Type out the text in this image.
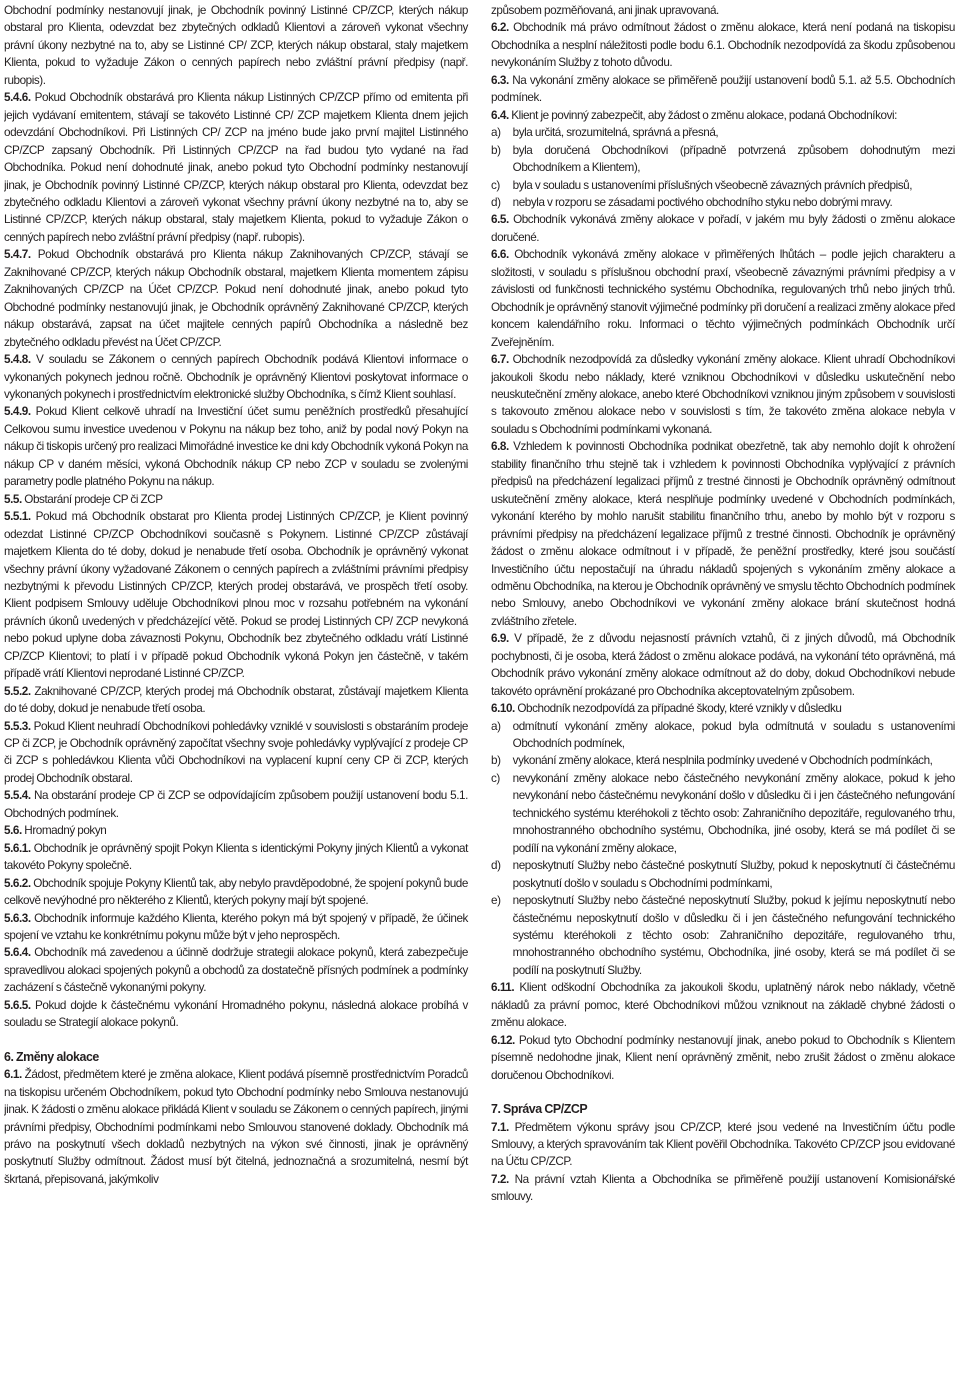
Obchodní podmínky nestanovují jinak, je Obchodník povinný Listinné CP/ZCP, kterých nákup obstaral pro Klienta, odevzdat bez zbytečných odkladů Klientovi a zároveň vykonat všechny právní úkony nezbytné na to, aby se Listinné CP/ ZCP, kterých nákup obstaral, staly majetkem Klienta, pokud to vyžaduje Zákon o cenných papírech nebo zvláštní právní předpisy (např. rubopis).

5.4.6. Pokud Obchodník obstarává pro Klienta nákup Listinných CP/ZCP přímo od emitenta při jejich vydávaní emitentem, stávají se takovéto Listinné CP/ ZCP majetkem Klienta dnem jejich odevzdání Obchodníkovi. Při Listinných CP/ ZCP na jméno bude jako první majitel Listinného CP/ZCP zapsaný Obchodník. Při Listinných CP/ZCP na řad budou tyto vydané na řad Obchodníka. Pokud není dohodnuté jinak, anebo pokud tyto Obchodní podmínky nestanovují jinak, je Obchodník povinný Listinné CP/ZCP, kterých nákup obstaral pro Klienta, odevzdat bez zbytečného odkladu Klientovi a zároveň vykonat všechny právní úkony nezbytné na to, aby se Listinné CP/ZCP, kterých nákup obstaral, staly majetkem Klienta, pokud to vyžaduje Zákon o cenných papírech nebo zvláštní právní předpisy (např. rubopis).

5.4.7. Pokud Obchodník obstarává pro Klienta nákup Zaknihovaných CP/ZCP, stávají se Zaknihované CP/ZCP, kterých nákup Obchodník obstaral, majetkem Klienta momentem zápisu Zaknihovaných CP/ZCP na Účet CP/ZCP. Pokud není dohodnuté jinak, anebo pokud tyto Obchodné podmínky nestanovujú jinak, je Obchodník oprávněný Zaknihované CP/ZCP, kterých nákup obstarává, zapsat na účet majitele cenných papírů Obchodníka a následně bez zbytečného odkladu převést na Účet CP/ZCP.

5.4.8. V souladu se Zákonem o cenných papírech Obchodník podává Klientovi informace o vykonaných pokynech jednou ročně. Obchodník je oprávněný Klientovi poskytovat informace o vykonaných pokynech i prostřednictvím elektronické služby Obchodníka, s čímž Klient souhlasí.

5.4.9. Pokud Klient celkově uhradí na Investiční účet sumu peněžních prostředků přesahující Celkovou sumu investice uvedenou v Pokynu na nákup bez toho, aniž by podal nový Pokyn na nákup či tiskopis určený pro realizaci Mimořádné investice ke dni kdy Obchodník vykoná Pokyn na nákup CP v daném měsíci, vykoná Obchodník nákup CP nebo ZCP v souladu se zvolenými parametry podle platného Pokynu na nákup.

5.5. Obstarání prodeje CP či ZCP

5.5.1. Pokud má Obchodník obstarat pro Klienta prodej Listinných CP/ZCP, je Klient povinný odezdat Listinné CP/ZCP Obchodníkovi současně s Pokynem. Listinné CP/ZCP zůstávají majetkem Klienta do té doby, dokud je nenabude třetí osoba. Obchodník je oprávněný vykonat všechny právní úkony vyžadované Zákonem o cenných papírech a zvláštními právními předpisy nezbytnými k převodu Listinných CP/ZCP, kterých prodej obstarává, ve prospěch třetí osoby. Klient podpisem Smlouvy uděluje Obchodníkovi plnou moc v rozsahu potřebném na vykonání právních úkonů uvedených v předcházející větě. Pokud se prodej Listinných CP/ ZCP nevykoná nebo pokud uplyne doba závaznosti Pokynu, Obchodník bez zbytečného odkladu vrátí Listinné CP/ZCP Klientovi; to platí i v případě pokud Obchodník vykoná Pokyn jen částečně, v takém případě vrátí Klientovi neprodané Listinné CP/ZCP.

5.5.2. Zaknihované CP/ZCP, kterých prodej má Obchodník obstarat, zůstávají majetkem Klienta do té doby, dokud je nenabude třetí osoba.

5.5.3. Pokud Klient neuhradí Obchodníkovi pohledávky vzniklé v souvislosti s obstaráním prodeje CP či ZCP, je Obchodník oprávněný započítat všechny svoje pohledávky vyplývající z prodeje CP či ZCP s pohledávkou Klienta vůči Obchodníkovi na vyplacení kupní ceny CP či ZCP, kterých prodej Obchodník obstaral.

5.5.4. Na obstarání prodeje CP či ZCP se odpovídajícím způsobem použijí ustanovení bodu 5.1. Obchodných podmínek.

5.6. Hromadný pokyn

5.6.1. Obchodník je oprávněný spojit Pokyn Klienta s identickými Pokyny jiných Klientů a vykonat takovéto Pokyny společně.

5.6.2. Obchodník spojuje Pokyny Klientů tak, aby nebylo pravděpodobné, že spojení pokynů bude celkově nevýhodné pro některého z Klientů, kterých pokyny mají být spojené.

5.6.3. Obchodník informuje každého Klienta, kterého pokyn má být spojený v případě, že účinek spojení ve vztahu ke konkrétnímu pokynu může být v jeho neprospěch.

5.6.4. Obchodník má zavedenou a účinně dodržuje strategii alokace pokynů, která zabezpečuje spravedlivou alokaci spojených pokynů a obchodů za dostatečně přísných podmínek a podmínky zacházení s částečně vykonanými pokyny.

5.6.5. Pokud dojde k částečnému vykonání Hromadného pokynu, následná alokace probíhá v souladu se Strategií alokace pokynů.

6. Změny alokace

6.1. Žádost, předmětem které je změna alokace, Klient podává písemně prostřednictvím Poradců na tiskopisu určeném Obchodníkem, pokud tyto Obchodní podmínky nebo Smlouva nestanovujú jinak. K žádosti o změnu alokace přikládá Klient v souladu se Zákonem o cenných papírech, jinými právními předpisy, Obchodními podmínkami nebo Smlouvou stanovené doklady. Obchodník má právo na poskytnutí všech dokladů nezbytných na výkon své činnosti, jinak je oprávněný poskytnutí Služby odmítnout. Žádost musí být čitelná, jednoznačná a srozumitelná, nesmí být škrtaná, přepisovaná, jakýmkoliv

způsobem pozměňovaná, ani jinak upravovaná.

6.2. Obchodník má právo odmítnout žádost o změnu alokace, která není podaná na tiskopisu Obchodníka a nesplní náležitosti podle bodu 6.1. Obchodník nezodpovídá za škodu způsobenou nevykonáním Služby z tohoto důvodu.

6.3. Na vykonání změny alokace se přiměřeně použijí ustanovení bodů 5.1. až 5.5. Obchodních podmínek.

6.4. Klient je povinný zabezpečit, aby žádost o změnu alokace, podaná Obchodníkovi:

a)	byla určitá, srozumitelná, správná a přesná,
b)	byla doručená Obchodníkovi (případně potvrzená způsobem dohodnutým mezi Obchodníkem a Klientem),
c)	byla v souladu s ustanoveními příslušných všeobecně závazných právních předpisů,
d)	nebyla v rozporu se zásadami poctivého obchodního styku nebo dobrými mravy.

6.5. Obchodník vykonává změny alokace v pořadí, v jakém mu byly žádosti o změnu alokace doručené.

6.6. Obchodník vykonává změny alokace v přiměřených lhůtách – podle jejich charakteru a složitosti, v souladu s příslušnou obchodní praxí, všeobecně závaznými právními předpisy a v závislosti od funkčnosti technického systému Obchodníka, regulovaných trhů nebo jiných trhů. Obchodník je oprávněný stanovit výjimečné podmínky při doručení a realizaci změny alokace před koncem kalendářního roku. Informaci o těchto výjimečných podmínkách Obchodník určí Zveřejněním.

6.7. Obchodník nezodpovídá za důsledky vykonání změny alokace. Klient uhradí Obchodníkovi jakoukoli škodu nebo náklady, které vzniknou Obchodníkovi v důsledku uskutečnění nebo neuskutečnění změny alokace, anebo které Obchodníkovi vzniknou jiným způsobem v souvislosti s takovouto změnou alokace nebo v souvislosti s tím, že takovéto změna alokace nebyla v souladu s Obchodními podmínkami vykonaná.

6.8. Vzhledem k povinnosti Obchodníka podnikat obezřetně, tak aby nemohlo dojít k ohrožení stability finančního trhu stejně tak i vzhledem k povinnosti Obchodníka vyplývající z právních předpisů na předcházení legalizaci příjmů z trestné činnosti je Obchodník oprávněný odmítnout uskutečnění změny alokace, která nesplňuje podmínky uvedené v Obchodních podmínkách, vykonání kterého by mohlo narušit stabilitu finančního trhu, anebo by mohlo být v rozporu s právními předpisy na předcházení legalizace příjmů z trestné činnosti. Obchodník je oprávněný žádost o změnu alokace odmítnout i v případě, že peněžní prostředky, které jsou součástí Investičního účtu nepostačují na úhradu nákladů spojených s vykonáním změny alokace a odměnu Obchodníka, na kterou je Obchodník oprávněný ve smyslu těchto Obchodních podmínek nebo Smlouvy, anebo Obchodníkovi ve vykonání změny alokace brání skutečnost hodná zvláštního zřetele.

6.9. V případě, že z důvodu nejasností právních vztahů, či z jiných důvodů, má Obchodník pochybnosti, či je osoba, která žádost o změnu alokace podává, na vykonání této oprávněná, má Obchodník právo vykonání změny alokace odmítnout až do doby, dokud Obchodníkovi nebude takovéto oprávnění prokázané pro Obchodníka akceptovatelným způsobem.

6.10. Obchodník nezodpovídá za případné škody, které vznikly v důsledku

a)	odmítnutí vykonání změny alokace, pokud byla odmítnutá v souladu s ustanoveními Obchodních podmínek,
b)	vykonání změny alokace, která nesplnila podmínky uvedené v Obchodních podmínkách,
c)	nevykonání změny alokace nebo částečného nevykonání změny alokace, pokud k jeho nevykonání nebo částečnému nevykonání došlo v důsledku či i jen částečného nefungování technického systému kteréhokoli z těchto osob: Zahraničního depozitáře, regulovaného trhu, mnohostranného obchodního systému, Obchodníka, jiné osoby, která se má podílet či se podílí na vykonání změny alokace,
d)	neposkytnutí Služby nebo částečné poskytnutí Služby, pokud k neposkytnutí či částečnému poskytnutí došlo v souladu s Obchodními podmínkami,
e)	neposkytnutí Služby nebo částečné neposkytnutí Služby, pokud k jejímu neposkytnutí nebo částečnému neposkytnutí došlo v důsledku či i jen částečného nefungování technického systému kteréhokoli z těchto osob: Zahraničního depozitáře, regulovaného trhu, mnohostranného obchodního systému, Obchodníka, jiné osoby, která se má podílet či se podílí na poskytnutí Služby.

6.11. Klient odškodní Obchodníka za jakoukoli škodu, uplatněný nárok nebo náklady, včetně nákladů za právní pomoc, které Obchodníkovi můžou vzniknout na základě chybné žádosti o změnu alokace.

6.12. Pokud tyto Obchodní podmínky nestanovují jinak, anebo pokud to Obchodník s Klientem písemně nedohodne jinak, Klient není oprávněný změnit, nebo zrušit žádost o změnu alokace doručenou Obchodníkovi.

7. Správa CP/ZCP

7.1. Předmětem výkonu správy jsou CP/ZCP, které jsou vedené na Investičním účtu podle Smlouvy, a kterých spravováním tak Klient pověřil Obchodníka. Takovéto CP/ZCP jsou evidované na Účtu CP/ZCP.

7.2. Na právní vztah Klienta a Obchodníka se přiměřeně použijí ustanovení Komisionářské smlouvy.
